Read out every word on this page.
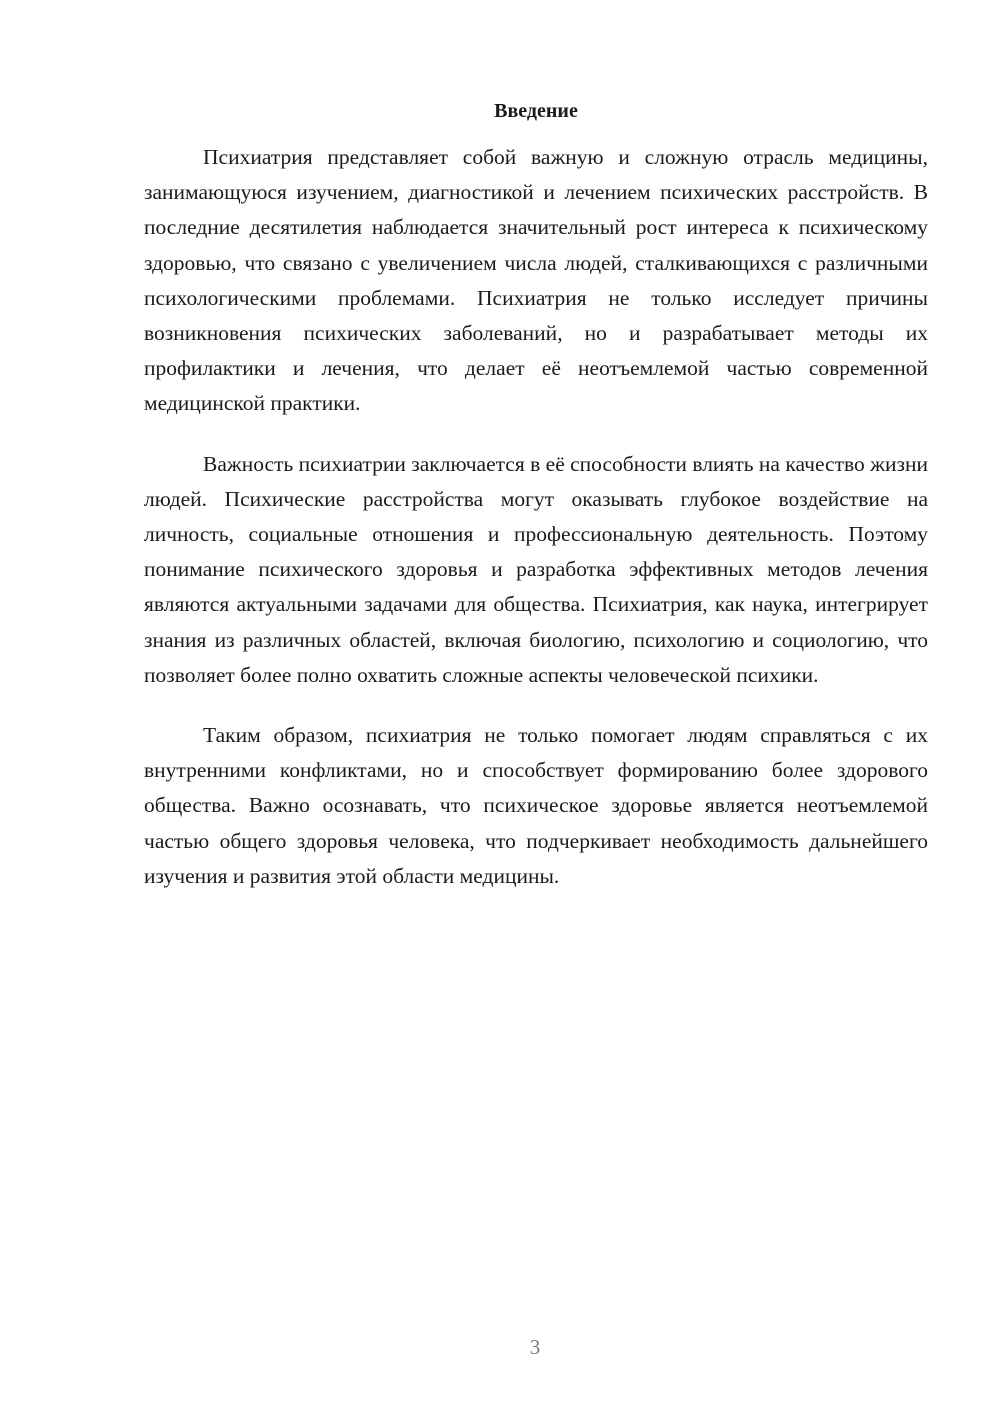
Введение

Психиатрия представляет собой важную и сложную отрасль медицины, занимающуюся изучением, диагностикой и лечением психических расстройств. В последние десятилетия наблюдается значительный рост интереса к психическому здоровью, что связано с увеличением числа людей, сталкивающихся с различными психологическими проблемами. Психиатрия не только исследует причины возникновения психических заболеваний, но и разрабатывает методы их профилактики и лечения, что делает её неотъемлемой частью современной медицинской практики.

Важность психиатрии заключается в её способности влиять на качество жизни людей. Психические расстройства могут оказывать глубокое воздействие на личность, социальные отношения и профессиональную деятельность. Поэтому понимание психического здоровья и разработка эффективных методов лечения являются актуальными задачами для общества. Психиатрия, как наука, интегрирует знания из различных областей, включая биологию, психологию и социологию, что позволяет более полно охватить сложные аспекты человеческой психики.

Таким образом, психиатрия не только помогает людям справляться с их внутренними конфликтами, но и способствует формированию более здорового общества. Важно осознавать, что психическое здоровье является неотъемлемой частью общего здоровья человека, что подчеркивает необходимость дальнейшего изучения и развития этой области медицины.

3
